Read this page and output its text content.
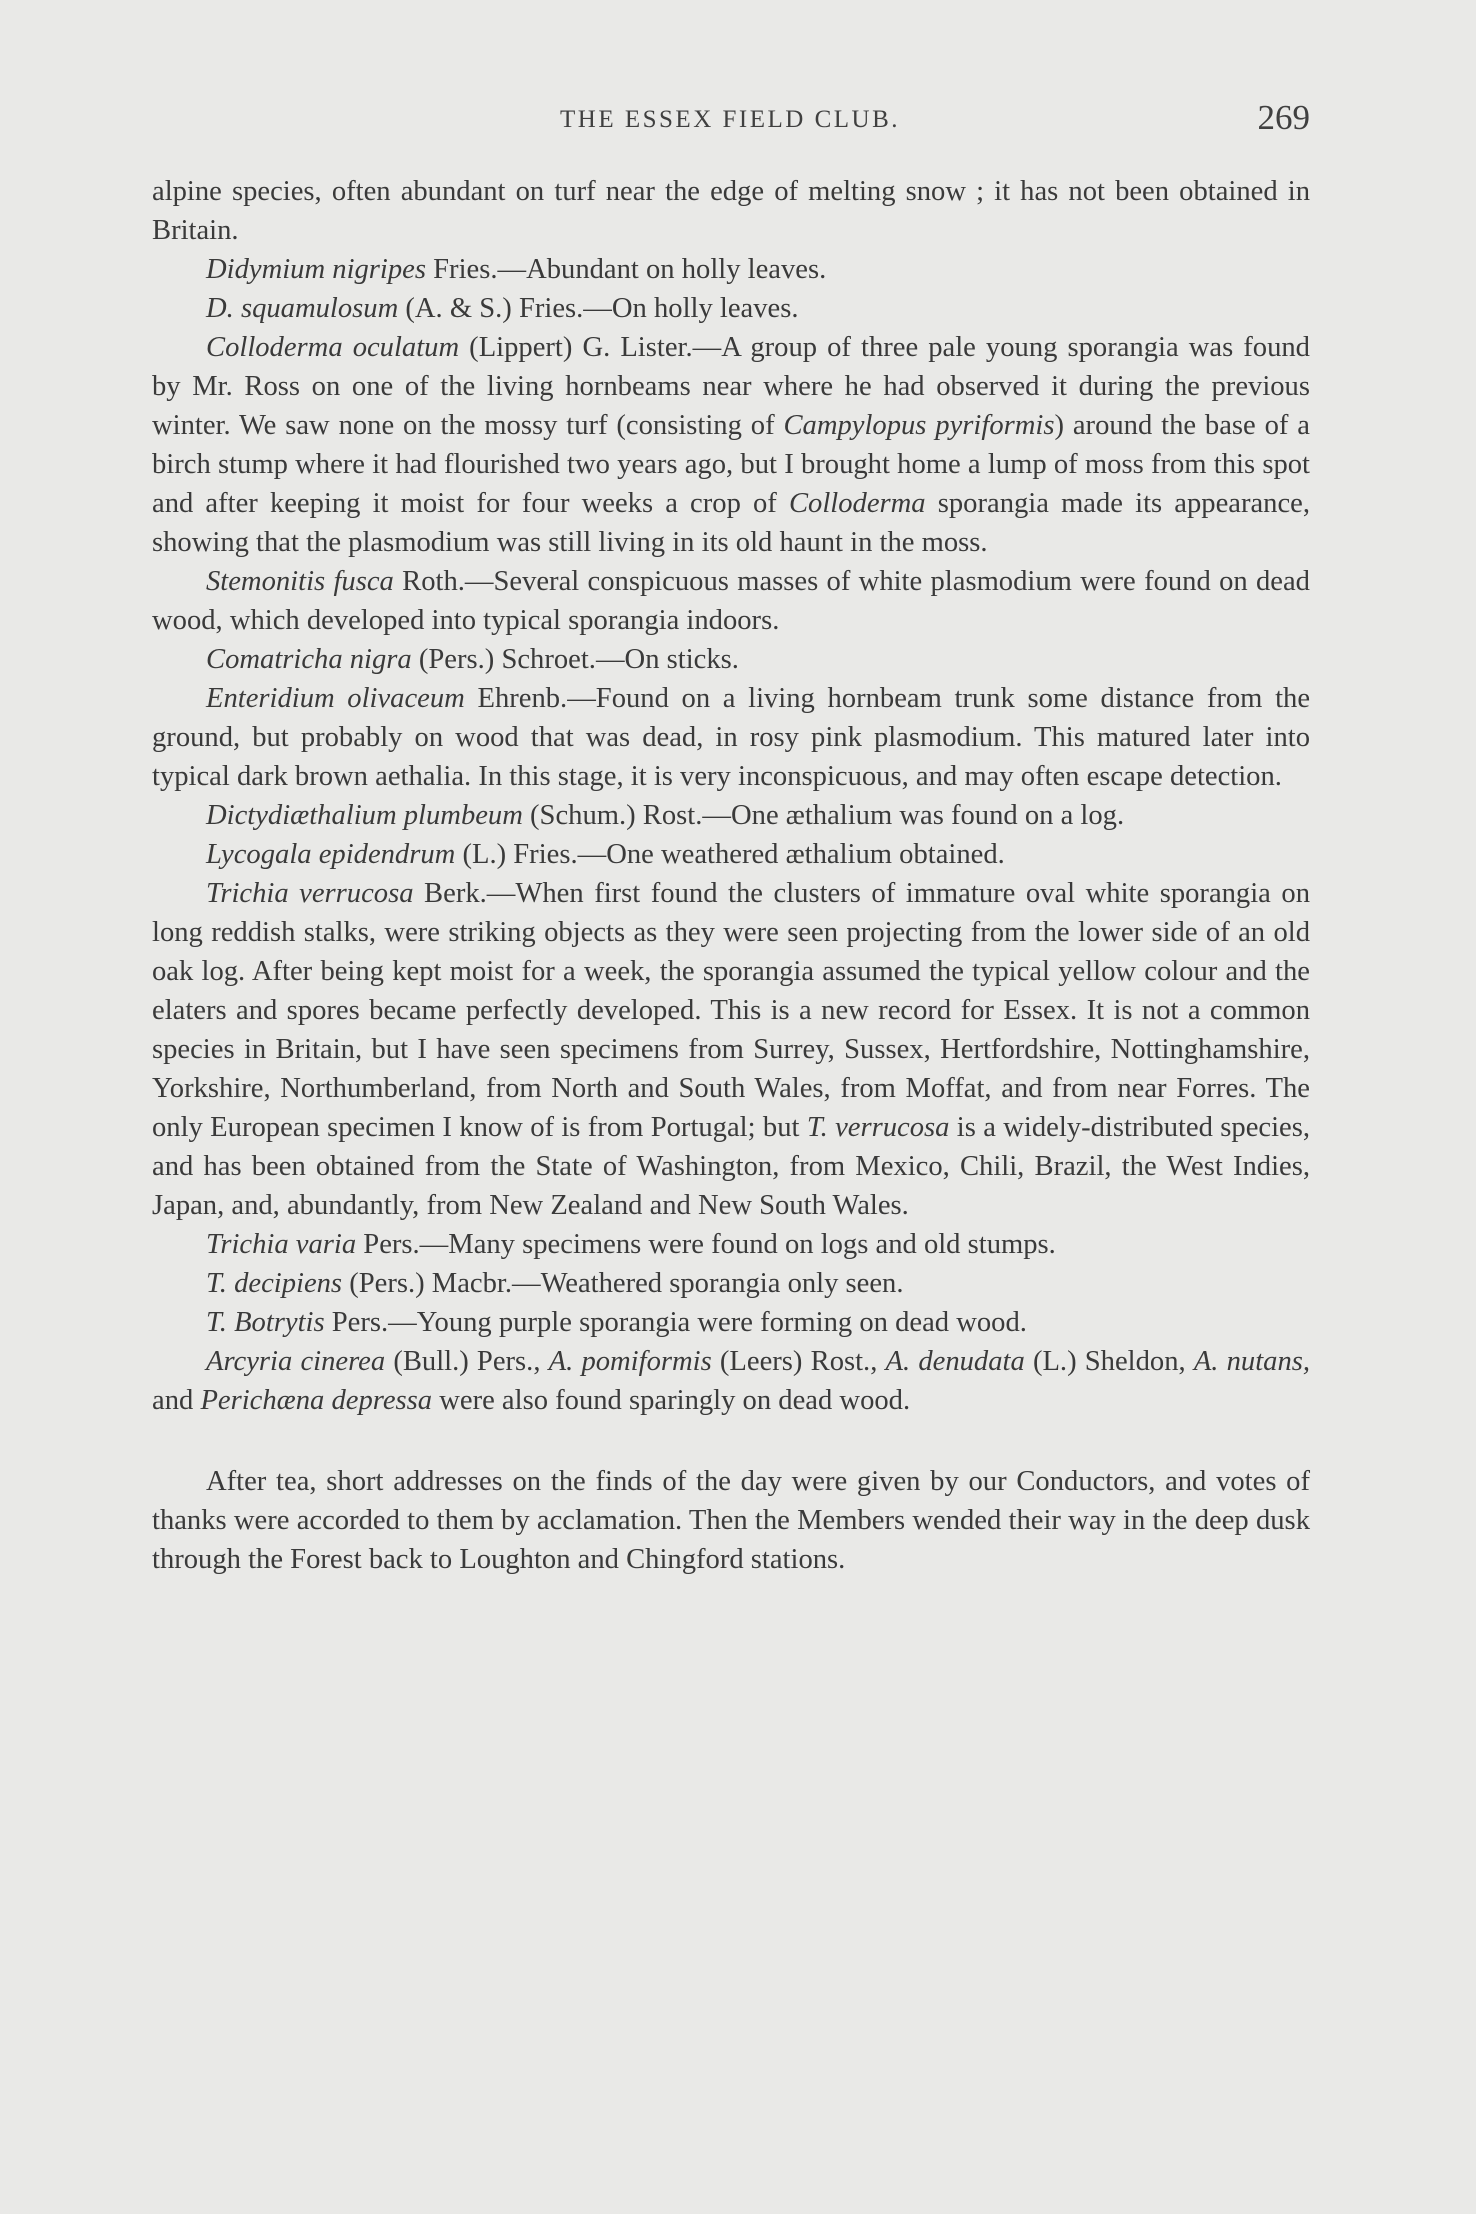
THE ESSEX FIELD CLUB.	269

alpine species, often abundant on turf near the edge of melting snow ; it has not been obtained in Britain.

Didymium nigripes Fries.—Abundant on holly leaves.

D. squamulosum (A. & S.) Fries.—On holly leaves.

Colloderma oculatum (Lippert) G. Lister.—A group of three pale young sporangia was found by Mr. Ross on one of the living hornbeams near where he had observed it during the previous winter. We saw none on the mossy turf (consisting of Campylopus pyriformis) around the base of a birch stump where it had flourished two years ago, but I brought home a lump of moss from this spot and after keeping it moist for four weeks a crop of Colloderma sporangia made its appearance, showing that the plasmodium was still living in its old haunt in the moss.

Stemonitis fusca Roth.—Several conspicuous masses of white plasmodium were found on dead wood, which developed into typical sporangia indoors.

Comatricha nigra (Pers.) Schroet.—On sticks.

Enteridium olivaceum Ehrenb.—Found on a living hornbeam trunk some distance from the ground, but probably on wood that was dead, in rosy pink plasmodium. This matured later into typical dark brown aethalia. In this stage, it is very inconspicuous, and may often escape detection.

Dictydiæthalium plumbeum (Schum.) Rost.—One æthalium was found on a log.

Lycogala epidendrum (L.) Fries.—One weathered æthalium obtained.

Trichia verrucosa Berk.—When first found the clusters of immature oval white sporangia on long reddish stalks, were striking objects as they were seen projecting from the lower side of an old oak log. After being kept moist for a week, the sporangia assumed the typical yellow colour and the elaters and spores became perfectly developed. This is a new record for Essex. It is not a common species in Britain, but I have seen specimens from Surrey, Sussex, Hertfordshire, Nottinghamshire, Yorkshire, Northumberland, from North and South Wales, from Moffat, and from near Forres. The only European specimen I know of is from Portugal; but T. verrucosa is a widely-distributed species, and has been obtained from the State of Washington, from Mexico, Chili, Brazil, the West Indies, Japan, and, abundantly, from New Zealand and New South Wales.

Trichia varia Pers.—Many specimens were found on logs and old stumps.

T. decipiens (Pers.) Macbr.—Weathered sporangia only seen.

T. Botrytis Pers.—Young purple sporangia were forming on dead wood.

Arcyria cinerea (Bull.) Pers., A. pomiformis (Leers) Rost., A. denudata (L.) Sheldon, A. nutans, and Perichæna depressa were also found sparingly on dead wood.

After tea, short addresses on the finds of the day were given by our Conductors, and votes of thanks were accorded to them by acclamation. Then the Members wended their way in the deep dusk through the Forest back to Loughton and Chingford stations.
